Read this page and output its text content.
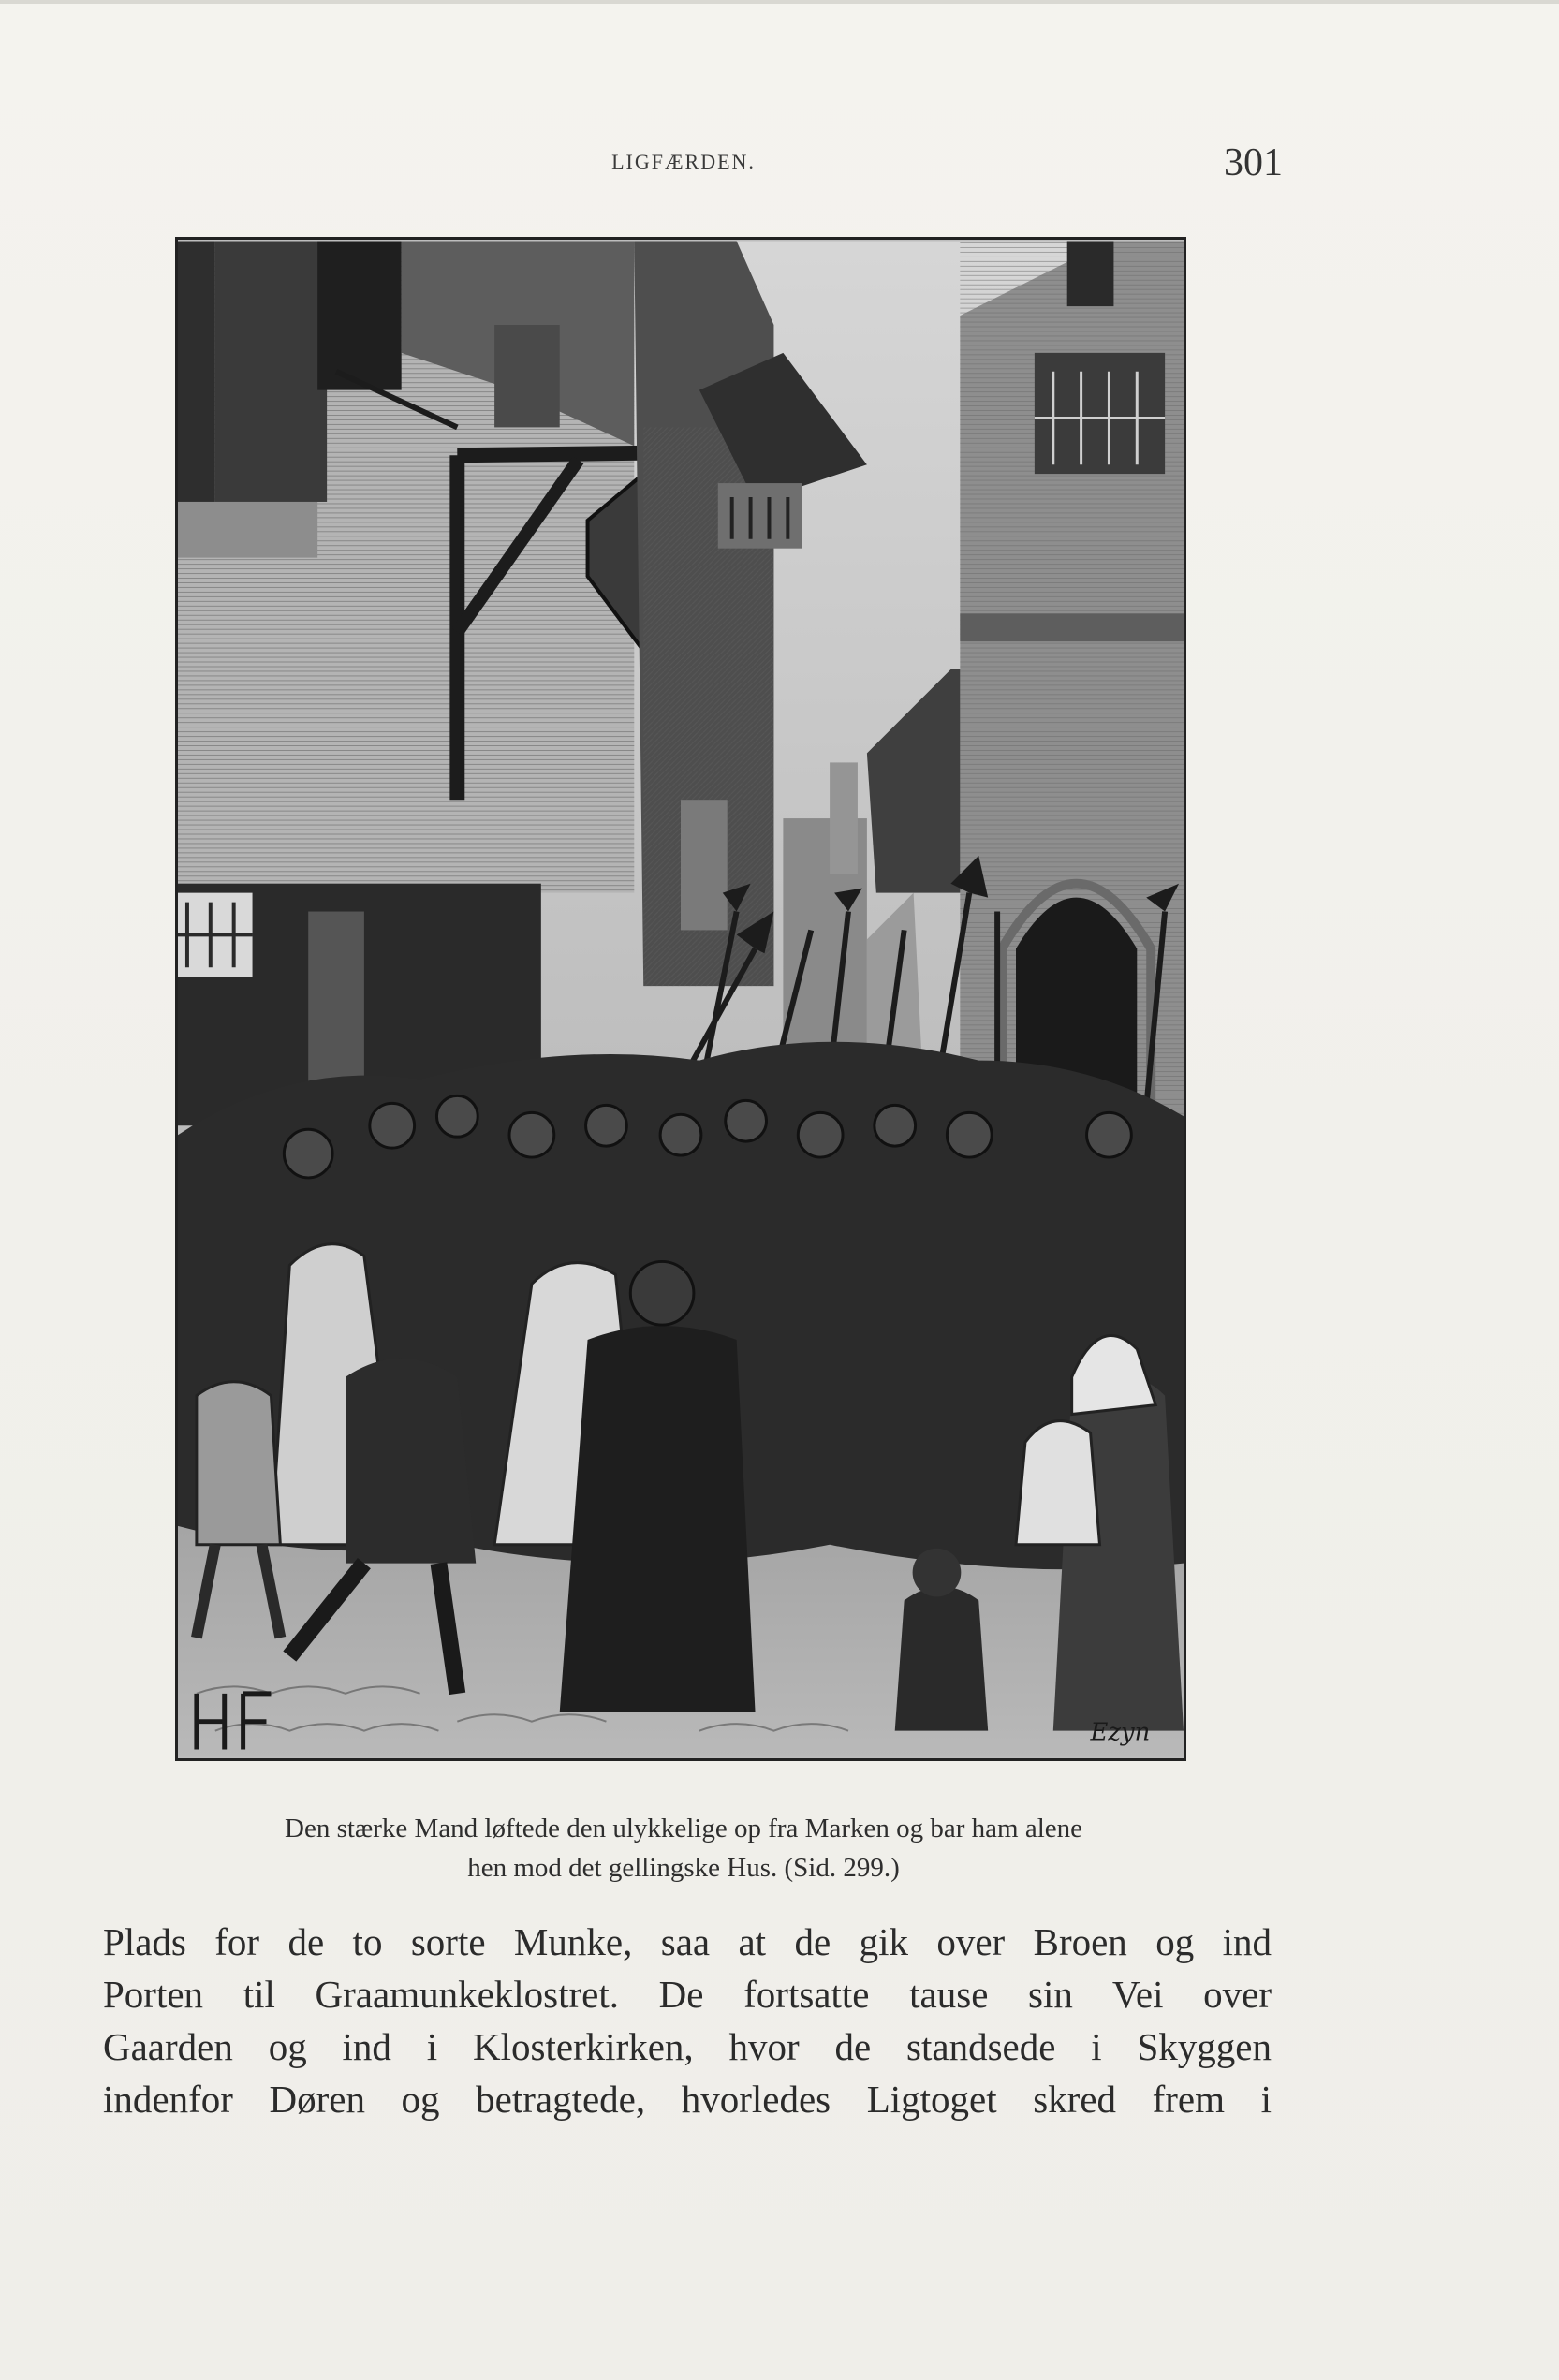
LIGFÆRDEN.	301
Ezyn
Den stærke Mand løftede den ulykkelige op fra Marken og bar ham alene
hen mod det gellingske Hus. (Sid. 299.)
Plads for de to sorte Munke, saa at de gik over Broen og ind
Porten til Graamunkeklostret. De fortsatte tause sin Vei over
Gaarden og ind i Klosterkirken, hvor de standsede i Skyggen
indenfor Døren og betragtede, hvorledes Ligtoget skred frem i
